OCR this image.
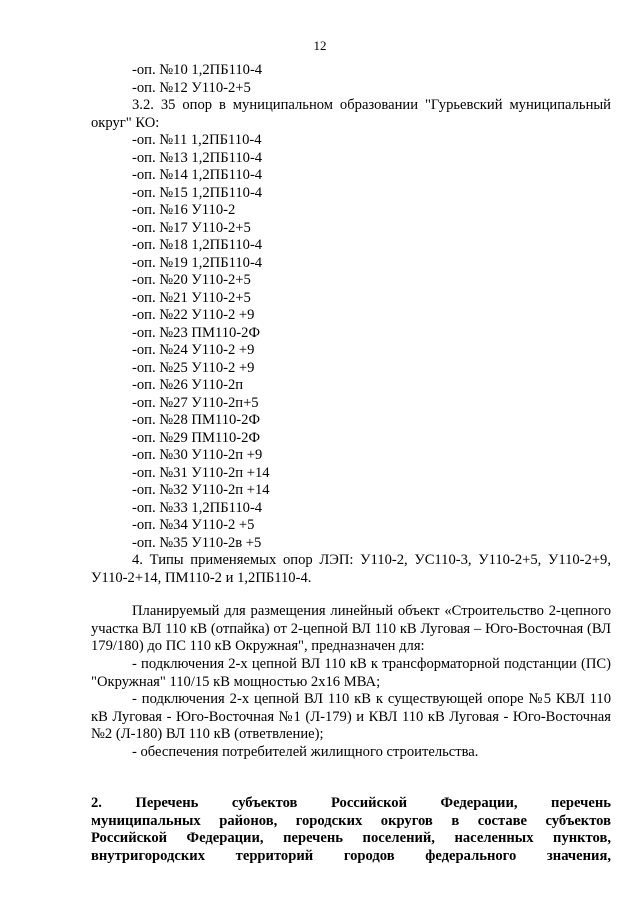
12
-оп. №10 1,2ПБ110-4
-оп. №12 У110-2+5
3.2. 35 опор в муниципальном образовании "Гурьевский муниципальный округ" КО:
-оп. №11 1,2ПБ110-4
-оп. №13 1,2ПБ110-4
-оп. №14 1,2ПБ110-4
-оп. №15 1,2ПБ110-4
-оп. №16 У110-2
-оп. №17 У110-2+5
-оп. №18 1,2ПБ110-4
-оп. №19 1,2ПБ110-4
-оп. №20 У110-2+5
-оп. №21 У110-2+5
-оп. №22 У110-2 +9
-оп. №23 ПМ110-2Ф
-оп. №24 У110-2 +9
-оп. №25 У110-2 +9
-оп. №26 У110-2п
-оп. №27 У110-2п+5
-оп. №28 ПМ110-2Ф
-оп. №29 ПМ110-2Ф
-оп. №30 У110-2п +9
-оп. №31 У110-2п +14
-оп. №32 У110-2п +14
-оп. №33 1,2ПБ110-4
-оп. №34 У110-2 +5
-оп. №35 У110-2в +5
4. Типы применяемых опор ЛЭП: У110-2, УС110-3, У110-2+5, У110-2+9, У110-2+14, ПМ110-2 и 1,2ПБ110-4.
Планируемый для размещения линейный объект «Строительство 2-цепного участка ВЛ 110 кВ (отпайка) от 2-цепной ВЛ 110 кВ Луговая – Юго-Восточная (ВЛ 179/180) до ПС 110 кВ Окружная", предназначен для:
- подключения 2-х цепной ВЛ 110 кВ к трансформаторной подстанции (ПС) "Окружная" 110/15 кВ мощностью 2х16 МВА;
- подключения 2-х цепной ВЛ 110 кВ к существующей опоре №5 КВЛ 110 кВ Луговая - Юго-Восточная №1 (Л-179) и КВЛ 110 кВ Луговая - Юго-Восточная №2 (Л-180) ВЛ 110 кВ (ответвление);
- обеспечения потребителей жилищного строительства.
2. Перечень субъектов Российской Федерации, перечень
муниципальных районов, городских округов в составе субъектов
Российской Федерации, перечень поселений, населенных пунктов,
внутригородских территорий городов федерального значения,
